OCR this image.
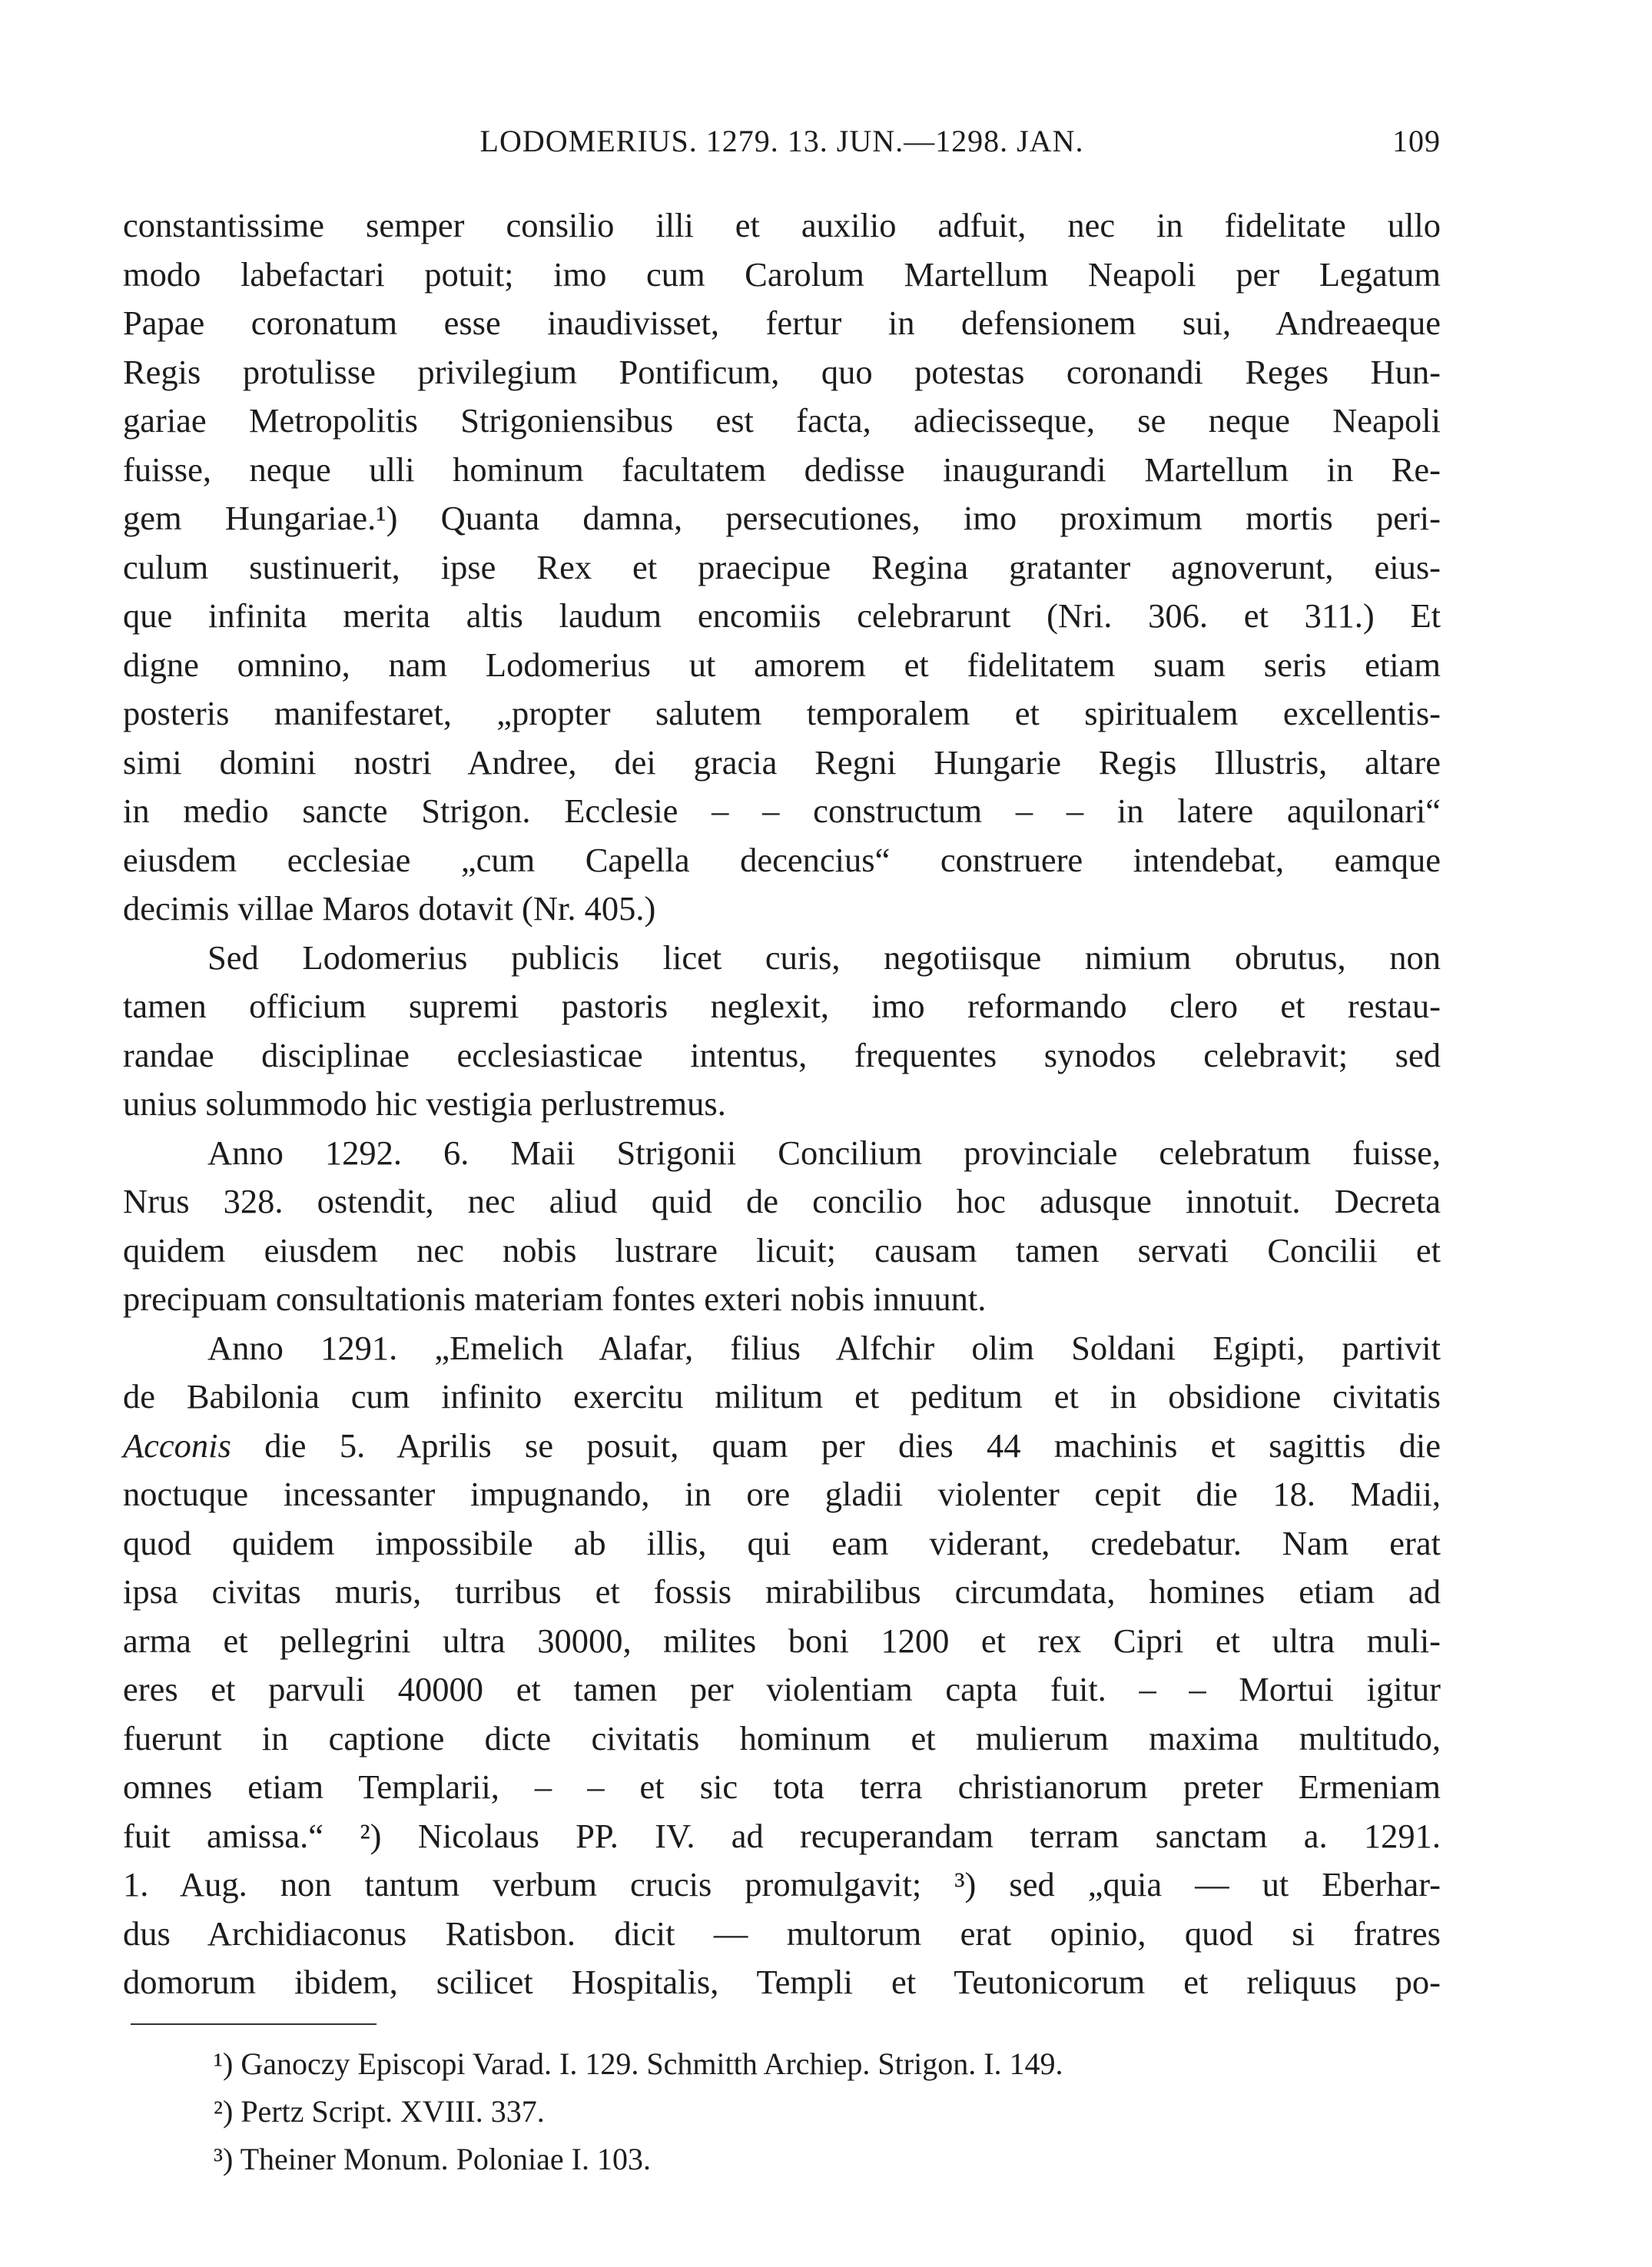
LODOMERIUS. 1279. 13. JUN.—1298. JAN.	109
constantissime semper consilio illi et auxilio adfuit, nec in fidelitate ullo
modo labefactari potuit; imo cum Carolum Martellum Neapoli per Legatum
Papae coronatum esse inaudivisset, fertur in defensionem sui, Andreaeque
Regis protulisse privilegium Pontificum, quo potestas coronandi Reges Hun-
gariae Metropolitis Strigoniensibus est facta, adiecisseque, se neque Neapoli
fuisse, neque ulli hominum facultatem dedisse inaugurandi Martellum in Re-
gem Hungariae.¹) Quanta damna, persecutiones, imo proximum mortis peri-
culum sustinuerit, ipse Rex et praecipue Regina gratanter agnoverunt, eius-
que infinita merita altis laudum encomiis celebrarunt (Nri. 306. et 311.) Et
digne omnino, nam Lodomerius ut amorem et fidelitatem suam seris etiam
posteris manifestaret, „propter salutem temporalem et spiritualem excellentis-
simi domini nostri Andree, dei gracia Regni Hungarie Regis Illustris, altare
in medio sancte Strigon. Ecclesie – – constructum – – in latere aquilonari“
eiusdem ecclesiae „cum Capella decencius“ construere intendebat, eamque
decimis villae Maros dotavit (Nr. 405.)
Sed Lodomerius publicis licet curis, negotiisque nimium obrutus, non
tamen officium supremi pastoris neglexit, imo reformando clero et restau-
randae disciplinae ecclesiasticae intentus, frequentes synodos celebravit; sed
unius solummodo hic vestigia perlustremus.
Anno 1292. 6. Maii Strigonii Concilium provinciale celebratum fuisse,
Nrus 328. ostendit, nec aliud quid de concilio hoc adusque innotuit. Decreta
quidem eiusdem nec nobis lustrare licuit; causam tamen servati Concilii et
precipuam consultationis materiam fontes exteri nobis innuunt.
Anno 1291. „Emelich Alafar, filius Alfchir olim Soldani Egipti, partivit
de Babilonia cum infinito exercitu militum et peditum et in obsidione civitatis
Acconis die 5. Aprilis se posuit, quam per dies 44 machinis et sagittis die
noctuque incessanter impugnando, in ore gladii violenter cepit die 18. Madii,
quod quidem impossibile ab illis, qui eam viderant, credebatur. Nam erat
ipsa civitas muris, turribus et fossis mirabilibus circumdata, homines etiam ad
arma et pellegrini ultra 30000, milites boni 1200 et rex Cipri et ultra muli-
eres et parvuli 40000 et tamen per violentiam capta fuit. – – Mortui igitur
fuerunt in captione dicte civitatis hominum et mulierum maxima multitudo,
omnes etiam Templarii, – – et sic tota terra christianorum preter Ermeniam
fuit amissa.“ ²) Nicolaus PP. IV. ad recuperandam terram sanctam a. 1291.
1. Aug. non tantum verbum crucis promulgavit; ³) sed „quia — ut Eberhar-
dus Archidiaconus Ratisbon. dicit — multorum erat opinio, quod si fratres
domorum ibidem, scilicet Hospitalis, Templi et Teutonicorum et reliquus po-
¹) Ganoczy Episcopi Varad. I. 129. Schmitth Archiep. Strigon. I. 149.
²) Pertz Script. XVIII. 337.
³) Theiner Monum. Poloniae I. 103.
